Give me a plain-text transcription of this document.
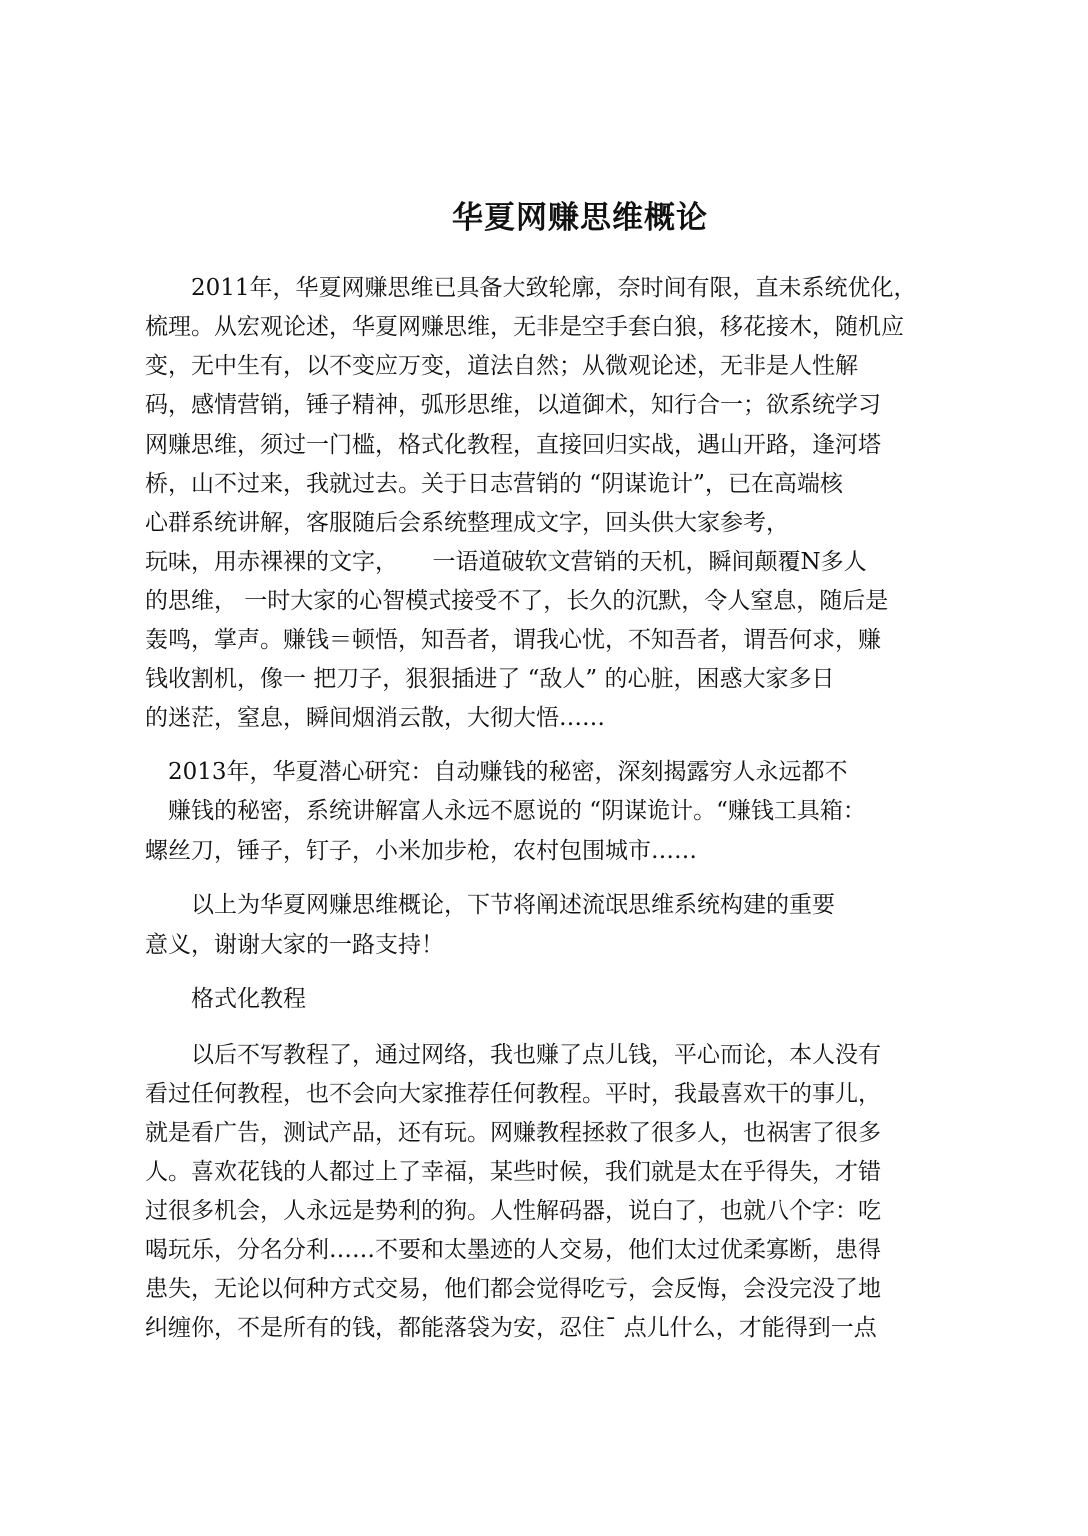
华夏网赚思维概论
　　2011年，华夏网赚思维已具备大致轮廓，奈时间有限，直未系统优化，
梳理。从宏观论述，华夏网赚思维，无非是空手套白狼，移花接木，随机应
变，无中生有，以不变应万变，道法自然；从微观论述，无非是人性解
码，感情营销，锤子精神，弧形思维，以道御术，知行合一；欲系统学习
网赚思维，须过一门槛，格式化教程，直接回归实战，遇山开路，逢河塔
桥，山不过来，我就过去。关于日志营销的 “阴谋诡计”，已在高端核
心群系统讲解，客服随后会系统整理成文字，回头供大家参考，
玩味，用赤裸裸的文字，　　一语道破软文营销的天机，瞬间颠覆N多人
的思维， 一时大家的心智模式接受不了，长久的沉默，令人窒息，随后是
轰鸣，掌声。赚钱＝顿悟，知吾者，谓我心忧，不知吾者，谓吾何求，赚
钱收割机，像一 把刀子，狠狠插进了 “敌人” 的心脏，困惑大家多日
的迷茫，窒息，瞬间烟消云散，大彻大悟……
　2013年，华夏潜心研究：自动赚钱的秘密，深刻揭露穷人永远都不
　赚钱的秘密，系统讲解富人永远不愿说的 “阴谋诡计。“赚钱工具箱：
螺丝刀，锤子，钉子，小米加步枪，农村包围城市……
　　以上为华夏网赚思维概论，下节将阐述流氓思维系统构建的重要
意义，谢谢大家的一路支持！
　　格式化教程
　　以后不写教程了，通过网络，我也赚了点儿钱，平心而论，本人没有
看过任何教程，也不会向大家推荐任何教程。平时，我最喜欢干的事儿，
就是看广告，测试产品，还有玩。网赚教程拯救了很多人，也祸害了很多
人。喜欢花钱的人都过上了幸福，某些时候，我们就是太在乎得失，才错
过很多机会，人永远是势利的狗。人性解码器，说白了，也就八个字：吃
喝玩乐，分名分利……不要和太墨迹的人交易，他们太过优柔寡断，患得
患失，无论以何种方式交易，他们都会觉得吃亏，会反悔，会没完没了地
纠缠你，不是所有的钱，都能落袋为安，忍住¯ 点儿什么，才能得到一点
